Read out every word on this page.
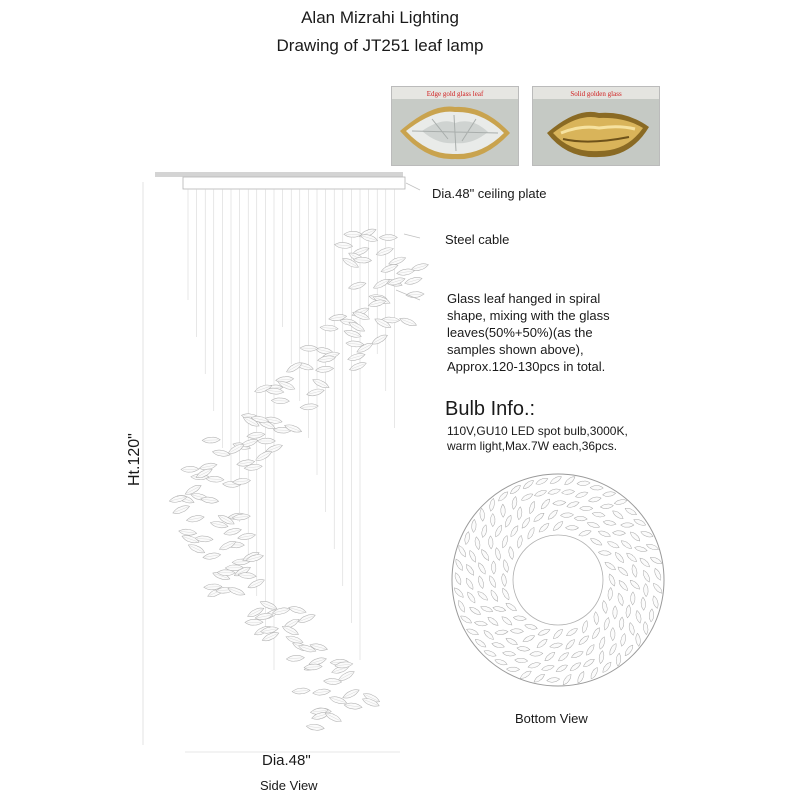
Alan Mizrahi Lighting
Drawing of JT251 leaf lamp
Edge gold glass leaf	Solid golden glass
Dia.48" ceiling plate
Steel cable
Glass leaf hanged in spiral
shape, mixing with the glass
leaves(50%+50%)(as the
samples shown above),
Approx.120-130pcs in total.
Bulb Info.:
110V,GU10 LED spot bulb,3000K,
warm light,Max.7W each,36pcs.
Ht.120"
Dia.48"
Side View
Bottom View
